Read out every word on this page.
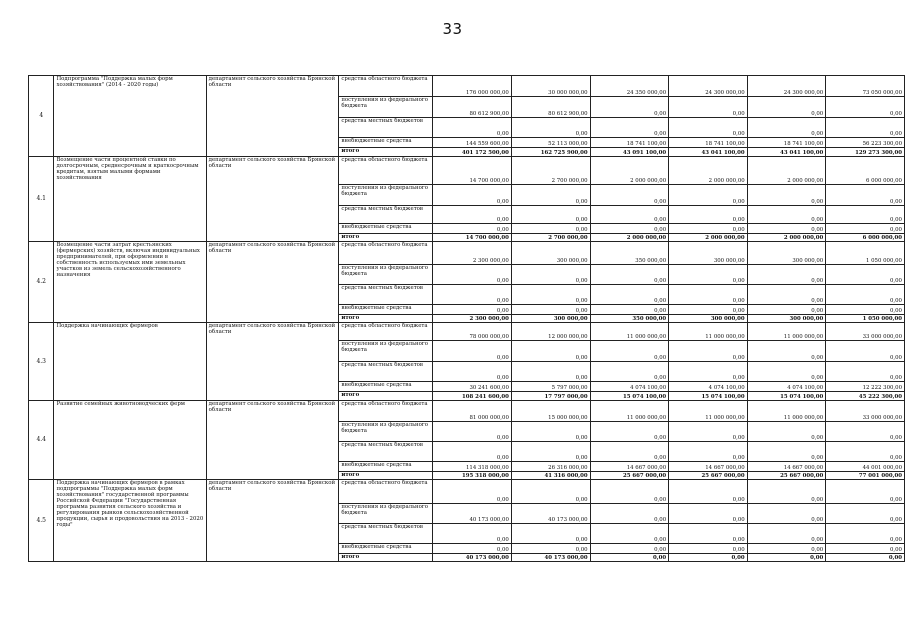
33
4	Подпрограмма "Поддержка малых форм хозяйствования" (2014 - 2020 годы)	департамент сельского хозяйства Брянской области	средства областного бюджета	176 000 000,00	30 000 000,00	24 350 000,00	24 300 000,00	24 300 000,00	73 050 000,00
			поступления из федерального бюджета	80 612 900,00	80 612 900,00	0,00	0,00	0,00	0,00
			средства местных бюджетов	0,00	0,00	0,00	0,00	0,00	0,00
			внебюджетные средства	144 559 600,00	52 113 000,00	18 741 100,00	18 741 100,00	18 741 100,00	56 223 300,00
			итого	401 172 500,00	162 725 900,00	43 091 100,00	43 041 100,00	43 041 100,00	129 273 300,00
4.1	Возмещение части процентной ставки по долгосрочным, среднесрочным и краткосрочным кредитам, взятым малыми формами хозяйствования	департамент сельского хозяйства Брянской области	средства областного бюджета	14 700 000,00	2 700 000,00	2 000 000,00	2 000 000,00	2 000 000,00	6 000 000,00
			поступления из федерального бюджета	0,00	0,00	0,00	0,00	0,00	0,00
			средства местных бюджетов	0,00	0,00	0,00	0,00	0,00	0,00
			внебюджетные средства	0,00	0,00	0,00	0,00	0,00	0,00
			итого	14 700 000,00	2 700 000,00	2 000 000,00	2 000 000,00	2 000 000,00	6 000 000,00
4.2	Возмещение части затрат крестьянских (фермерских) хозяйств, включая индивидуальных предпринимателей, при оформлении в собственность используемых ими земельных участков из земель сельскохозяйственного назначения	департамент сельского хозяйства Брянской области	средства областного бюджета	2 300 000,00	300 000,00	350 000,00	300 000,00	300 000,00	1 050 000,00
			поступления из федерального бюджета	0,00	0,00	0,00	0,00	0,00	0,00
			средства местных бюджетов	0,00	0,00	0,00	0,00	0,00	0,00
			внебюджетные средства	0,00	0,00	0,00	0,00	0,00	0,00
			итого	2 300 000,00	300 000,00	350 000,00	300 000,00	300 000,00	1 050 000,00
4.3	Поддержка начинающих фермеров	департамент сельского хозяйства Брянской области	средства областного бюджета	78 000 000,00	12 000 000,00	11 000 000,00	11 000 000,00	11 000 000,00	33 000 000,00
			поступления из федерального бюджета	0,00	0,00	0,00	0,00	0,00	0,00
			средства местных бюджетов	0,00	0,00	0,00	0,00	0,00	0,00
			внебюджетные средства	30 241 600,00	5 797 000,00	4 074 100,00	4 074 100,00	4 074 100,00	12 222 300,00
			итого	108 241 600,00	17 797 000,00	15 074 100,00	15 074 100,00	15 074 100,00	45 222 300,00
4.4	Развитие семейных животноводческих ферм	департамент сельского хозяйства Брянской области	средства областного бюджета	81 000 000,00	15 000 000,00	11 000 000,00	11 000 000,00	11 000 000,00	33 000 000,00
			поступления из федерального бюджета	0,00	0,00	0,00	0,00	0,00	0,00
			средства местных бюджетов	0,00	0,00	0,00	0,00	0,00	0,00
			внебюджетные средства	114 318 000,00	26 316 000,00	14 667 000,00	14 667 000,00	14 667 000,00	44 001 000,00
			итого	195 318 000,00	41 316 000,00	25 667 000,00	25 667 000,00	25 667 000,00	77 001 000,00
4.5	Поддержка начинающих фермеров в рамках подпрограммы "Поддержка малых форм хозяйствования" государственной программы Российской Федерации "Государственная программа развития сельского хозяйства и регулирования рынков сельскохозяйственной продукции, сырья и продовольствия на 2013 - 2020 годы"	департамент сельского хозяйства Брянской области	средства областного бюджета	0,00	0,00	0,00	0,00	0,00	0,00
			поступления из федерального бюджета	40 173 000,00	40 173 000,00	0,00	0,00	0,00	0,00
			средства местных бюджетов	0,00	0,00	0,00	0,00	0,00	0,00
			внебюджетные средства	0,00	0,00	0,00	0,00	0,00	0,00
			итого	40 173 000,00	40 173 000,00	0,00	0,00	0,00	0,00
